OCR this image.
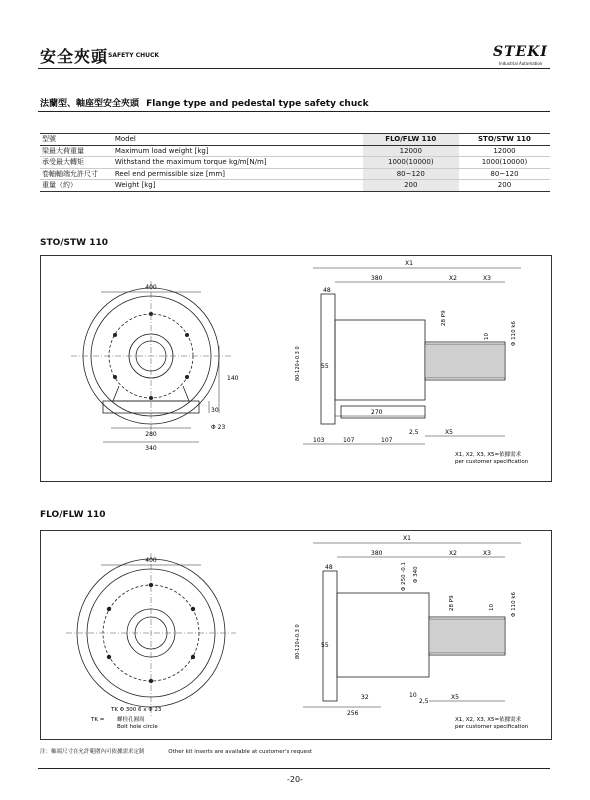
安全夾頭 SAFETY CHUCK	STEKI
Industrial Automation
法蘭型、軸座型安全夾頭 Flange type and pedestal type safety chuck
型號	Model	FLO/FLW 110	STO/STW 110
梁最大荷重量	Maximum load weight [kg]	12000	12000
承受最大轉矩	Withstand the maximum torque kg/m[N/m]	1000(10000)	1000(10000)
卷軸軸端允許尺寸	Reel end permissible size [mm]	80~120	80~120
重量（約）	Weight [kg]	200	200
STO/STW 110
400
280
340
140
30
Φ 23
X1
380	X2	X3
48
55
270
2,5	X5
103	107	107
28 P9
10	Φ 110 k6
80-120+0.3 0
X1, X2, X3, X5=依據需求
per customer specification
FLO/FLW 110
400
TK Φ 300 6 x Φ 23
TK = 螺栓孔圓周
Bolt hole circle
X1
380	X2	X3
48
55
32	10
2,5
X5
256
Φ 250 -0.1 Φ 340
28 P9	10	Φ 110 k6
80-120+0.3 0
X1, X2, X3, X5=依據需求
per customer specification
注：軸端尺寸在允許範圍內可依據需求定制	Other kit inserts are available at customer's request
-20-
